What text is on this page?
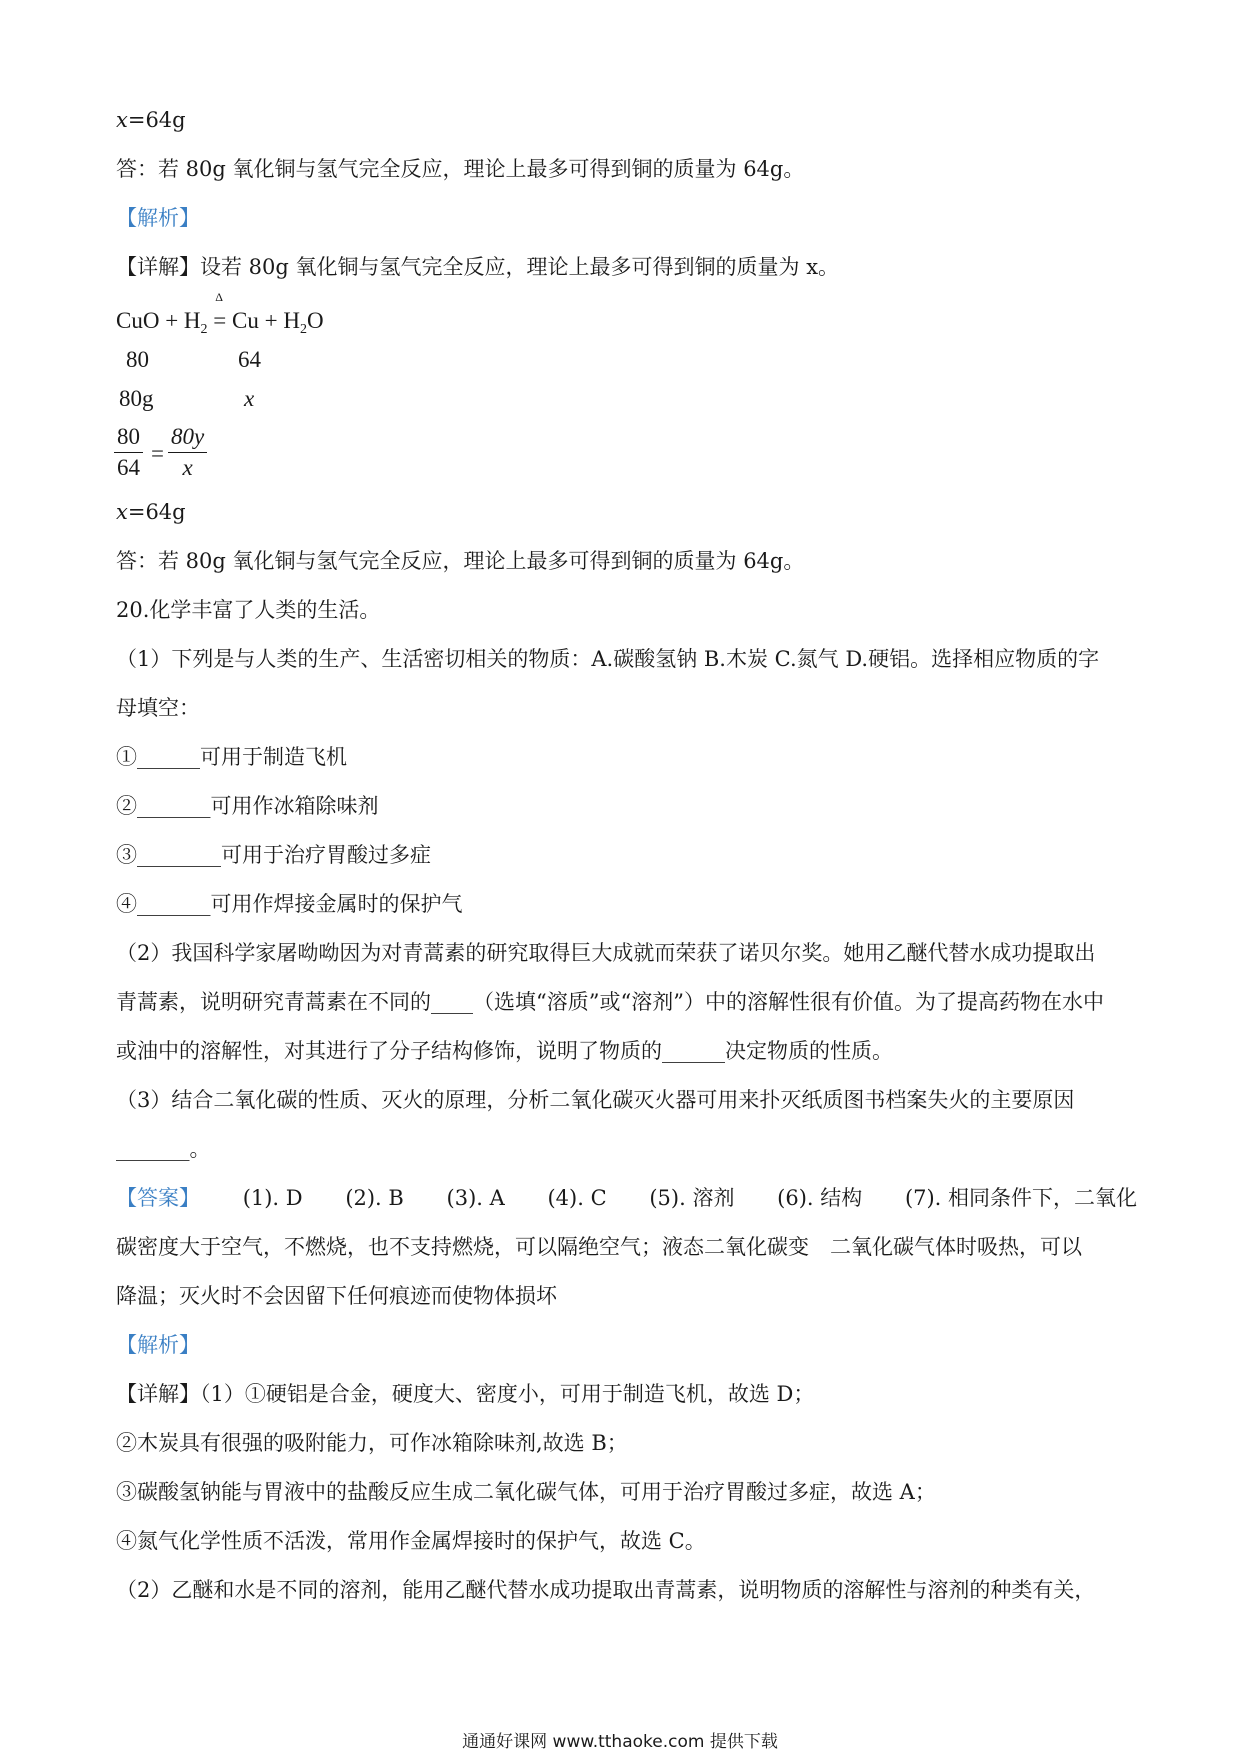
x=64g
答：若 80g 氧化铜与氢气完全反应，理论上最多可得到铜的质量为 64g。
【解析】
【详解】设若 80g 氧化铜与氢气完全反应，理论上最多可得到铜的质量为 x。
CuO + $H_2$
Δ
= $Cu + H_2O$
80	64
80g	x
$\frac{80}{64} = \frac{80y}{x}$
x=64g
答：若 80g 氧化铜与氢气完全反应，理论上最多可得到铜的质量为 64g。
20.化学丰富了人类的生活。
（1）下列是与人类的生产、生活密切相关的物质：A.碳酸氢钠 B.木炭 C.氮气 D.硬铝。选择相应物质的字
母填空：
①______可用于制造飞机
②_______可用作冰箱除味剂
③________可用于治疗胃酸过多症
④_______可用作焊接金属时的保护气
（2）我国科学家屠呦呦因为对青蒿素的研究取得巨大成就而荣获了诺贝尔奖。她用乙醚代替水成功提取出
青蒿素，说明研究青蒿素在不同的____（选填“溶质”或“溶剂”）中的溶解性很有价值。为了提高药物在水中
或油中的溶解性，对其进行了分子结构修饰，说明了物质的______决定物质的性质。
（3）结合二氧化碳的性质、灭火的原理，分析二氧化碳灭火器可用来扑灭纸质图书档案失火的主要原因
_______。
【答案】 (1). D (2). B (3). A (4). C (5). 溶剂 (6). 结构 (7). 相同条件下，二氧化
碳密度大于空气，不燃烧，也不支持燃烧，可以隔绝空气；液态二氧化碳变　二氧化碳气体时吸热，可以
降温；灭火时不会因留下任何痕迹而使物体损坏
【解析】
【详解】（1）①硬铝是合金，硬度大、密度小，可用于制造飞机，故选 D；
②木炭具有很强的吸附能力，可作冰箱除味剂,故选 B；
③碳酸氢钠能与胃液中的盐酸反应生成二氧化碳气体，可用于治疗胃酸过多症，故选 A；
④氮气化学性质不活泼，常用作金属焊接时的保护气，故选 C。
（2）乙醚和水是不同的溶剂，能用乙醚代替水成功提取出青蒿素，说明物质的溶解性与溶剂的种类有关，
通通好课网 www.tthaoke.com 提供下载
